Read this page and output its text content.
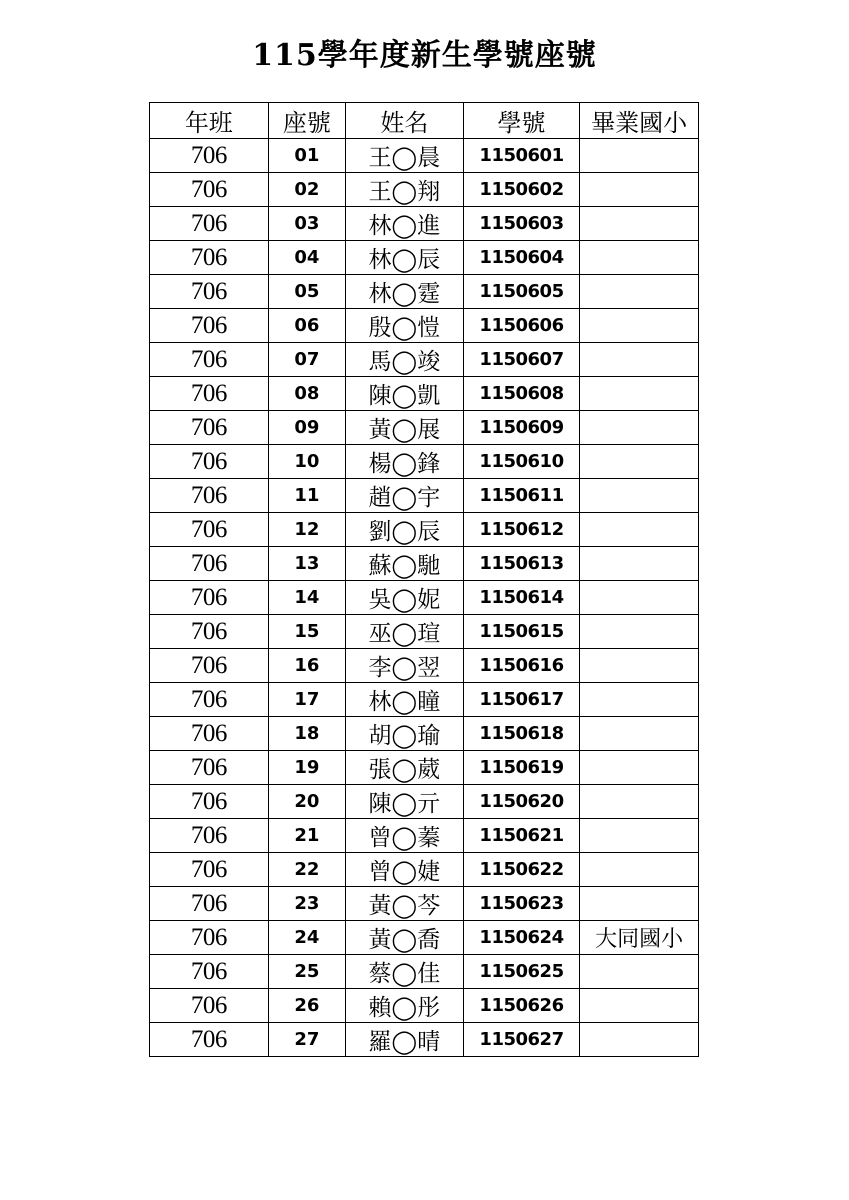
115學年度新生學號座號
年班	座號	姓名	學號	畢業國小
706	01	王◯晨	1150601	
706	02	王◯翔	1150602	
706	03	林◯進	1150603	
706	04	林◯辰	1150604	
706	05	林◯霆	1150605	
706	06	殷◯愷	1150606	
706	07	馬◯竣	1150607	
706	08	陳◯凱	1150608	
706	09	黃◯展	1150609	
706	10	楊◯鋒	1150610	
706	11	趙◯宇	1150611	
706	12	劉◯辰	1150612	
706	13	蘇◯馳	1150613	
706	14	吳◯妮	1150614	
706	15	巫◯瑄	1150615	
706	16	李◯翌	1150616	
706	17	林◯瞳	1150617	
706	18	胡◯瑜	1150618	
706	19	張◯葳	1150619	
706	20	陳◯亓	1150620	
706	21	曾◯蓁	1150621	
706	22	曾◯婕	1150622	
706	23	黃◯芩	1150623	
706	24	黃◯喬	1150624	大同國小
706	25	蔡◯佳	1150625	
706	26	賴◯彤	1150626	
706	27	羅◯晴	1150627	
